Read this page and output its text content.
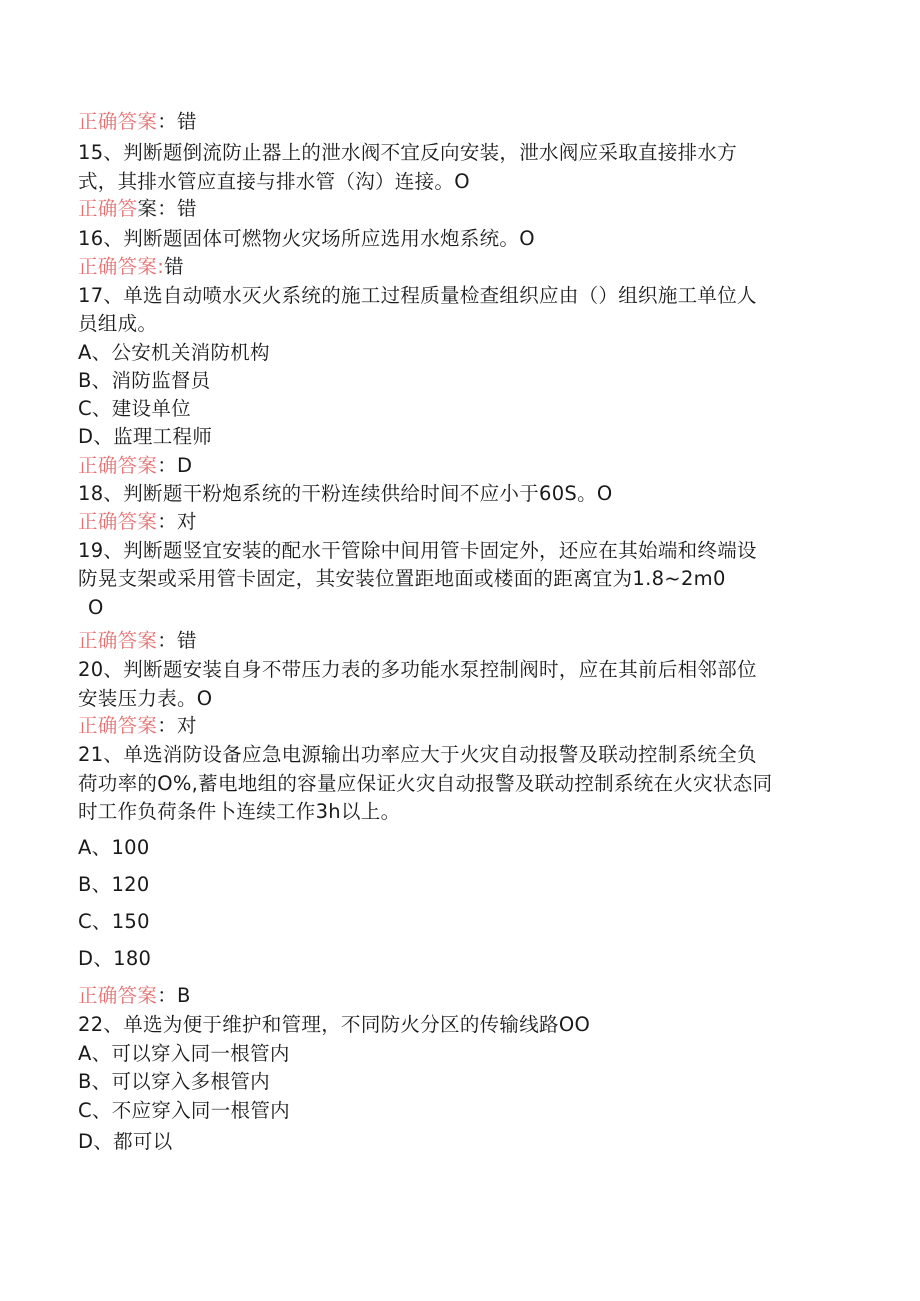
正确答案：错
15、判断题倒流防止器上的泄水阀不宜反向安装，泄水阀应采取直接排水方
式，其排水管应直接与排水管（沟）连接。O
正确答案：错
16、判断题固体可燃物火灾场所应选用水炮系统。O
正确答案:错
17、单选自动喷水灭火系统的施工过程质量检查组织应由（）组织施工单位人
员组成。
A、公安机关消防机构
B、消防监督员
C、建设单位
D、监理工程师
正确答案：D
18、判断题干粉炮系统的干粉连续供给时间不应小于60S。O
正确答案：对
19、判断题竖宜安装的配水干管除中间用管卡固定外，还应在其始端和终端设
防晃支架或采用管卡固定，其安装位置距地面或楼面的距离宜为1.8~2m0
O
正确答案：错
20、判断题安装自身不带压力表的多功能水泵控制阀时，应在其前后相邻部位
安装压力表。O
正确答案：对
21、单选消防设备应急电源输出功率应大于火灾自动报警及联动控制系统全负
荷功率的O%,蓄电地组的容量应保证火灾自动报警及联动控制系统在火灾状态同
时工作负荷条件卜连续工作3h以上。
A、100
B、120
C、150
D、180
正确答案：B
22、单选为便于维护和管理，不同防火分区的传输线路OO
A、可以穿入同一根管内
B、可以穿入多根管内
C、不应穿入同一根管内
D、都可以
